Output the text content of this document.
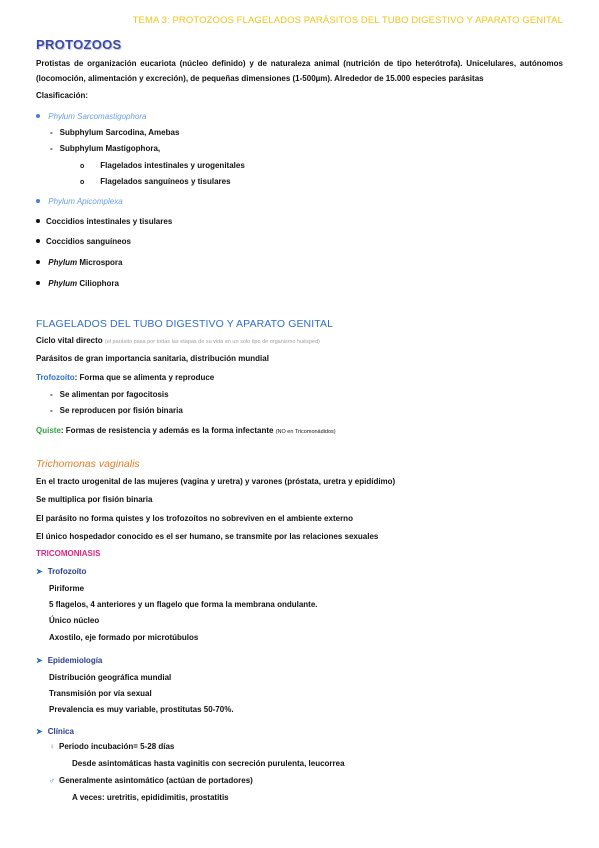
TEMA 3: PROTOZOOS FLAGELADOS PARÁSITOS DEL TUBO DIGESTIVO Y APARATO GENITAL
PROTOZOOS
Protistas de organización eucariota (núcleo definido) y de naturaleza animal (nutrición de tipo heterótrofa). Unicelulares, autónomos (locomoción, alimentación y excreción), de pequeñas dimensiones (1-500µm). Alrededor de 15.000 especies parásitas
Clasificación:
Phylum Sarcomastigophora
- Subphylum Sarcodina, Amebas
- Subphylum Mastigophora,
o Flagelados intestinales y urogenitales
o Flagelados sanguíneos y tisulares
Phylum Apicomplexa
Coccidios intestinales y tisulares
Coccidios sanguíneos
Phylum Microspora
Phylum Ciliophora
FLAGELADOS DEL TUBO DIGESTIVO Y APARATO GENITAL
Ciclo vital directo (el parásito pasa por todas las etapas de su vida en un solo tipo de organismo huésped)
Parásitos de gran importancia sanitaria, distribución mundial
Trofozoíto: Forma que se alimenta y reproduce
- Se alimentan por fagocitosis
- Se reproducen por fisión binaria
Quiste: Formas de resistencia y además es la forma infectante (NO en Tricomonádidos)
Trichomonas vaginalis
En el tracto urogenital de las mujeres (vagina y uretra) y varones (próstata, uretra y epidídimo)
Se multiplica por fisión binaria
El parásito no forma quistes y los trofozoítos no sobreviven en el ambiente externo
El único hospedador conocido es el ser humano, se transmite por las relaciones sexuales
TRICOMONIASIS
➤ Trofozoíto
Piriforme
5 flagelos, 4 anteriores y un flagelo que forma la membrana ondulante.
Único núcleo
Axostilo, eje formado por microtúbulos
➤ Epidemiología
Distribución geográfica mundial
Transmisión por vía sexual
Prevalencia es muy variable, prostitutas 50-70%.
➤ Clínica
♀ Periodo incubación= 5-28 días
Desde asintomáticas hasta vaginitis con secreción purulenta, leucorrea
♂ Generalmente asintomático (actúan de portadores)
A veces: uretritis, epididimitis, prostatitis
